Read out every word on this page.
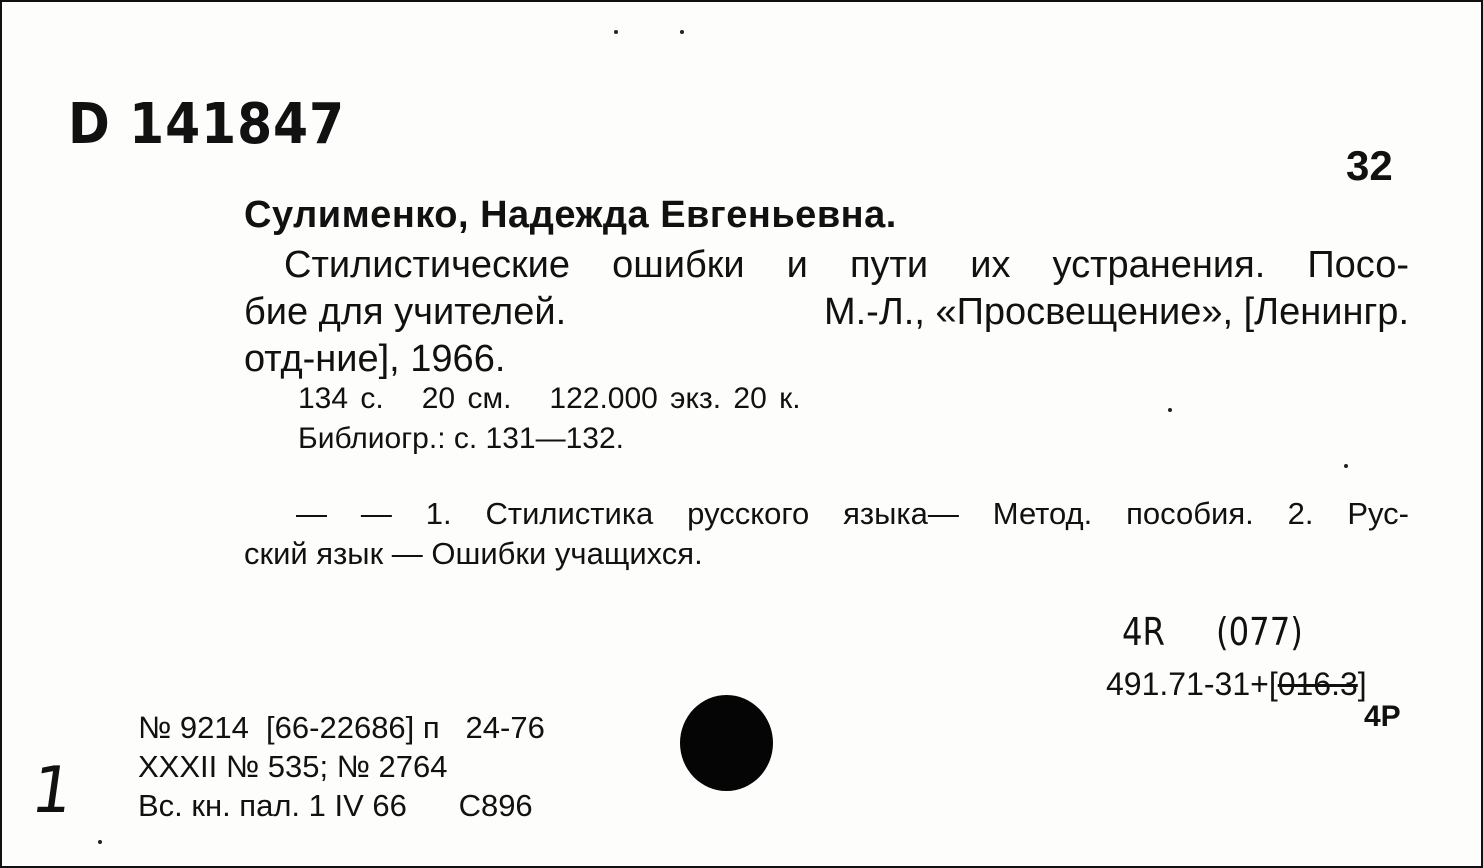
D 141847
32
Сулименко, Надежда Евгеньевна.
Стилистические ошибки и пути их устранения. Посо-
бие для учителей.	М.-Л., «Просвещение», [Ленингр.
отд-ние], 1966.
134 с. 20 см. 122.000 экз. 20 к.
Библиогр.: с. 131—132.
— — 1. Стилистика русского языка— Метод. пособия. 2. Рус-
ский язык — Ошибки учащихся.
4R (077)
491.71-31+[016.3]
4P
№ 9214  [66-22686] п   24-76
XXXII № 535; № 2764
Вс. кн. пал. 1 IV 66      С896
1
